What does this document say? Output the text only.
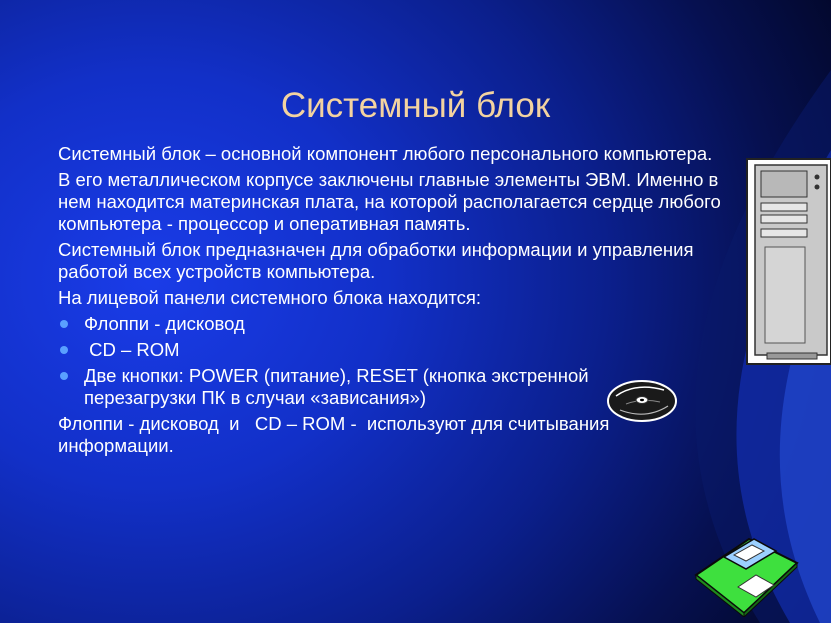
Системный блок

Системный блок – основной компонент любого персонального компьютера.

В его металлическом корпусе заключены главные элементы ЭВМ. Именно в нем находится материнская плата, на которой располагается сердце любого компьютера - процессор и оперативная память.

Системный блок предназначен для обработки информации и управления работой всех устройств компьютера.

На лицевой панели системного блока находится:

Флоппи - дисковод
CD – ROM
Две кнопки: POWER (питание), RESET (кнопка экстренной перезагрузки ПК в случаи «зависания»)

Флоппи - дисковод  и   CD – ROM -  используют для считывания информации.
